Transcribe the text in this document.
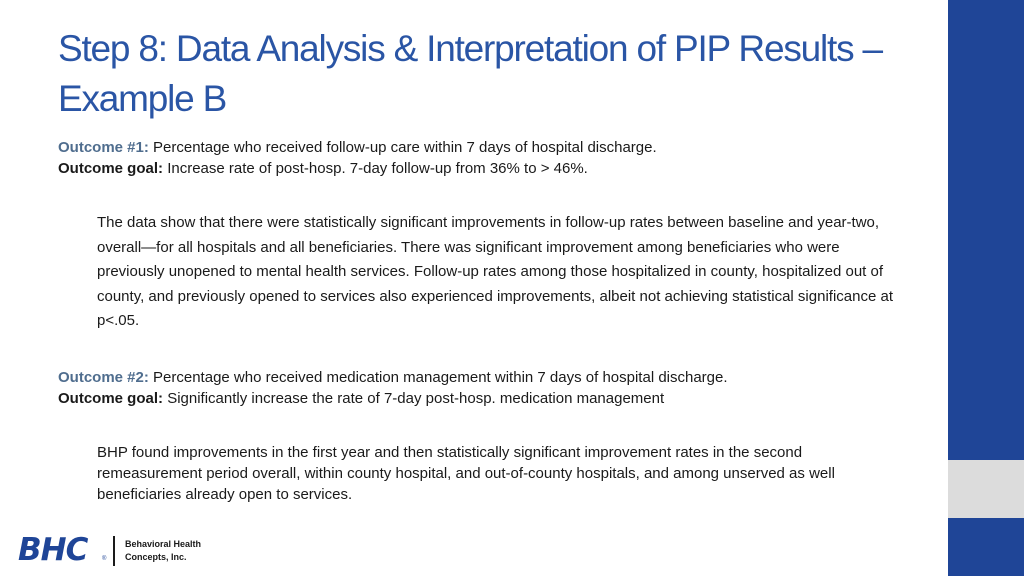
Step 8: Data Analysis & Interpretation of PIP Results – Example B
Outcome #1: Percentage who received follow-up care within 7 days of hospital discharge.
Outcome goal: Increase rate of post-hosp. 7-day follow-up from 36% to > 46%.

The data show that there were statistically significant improvements in follow-up rates between baseline and year-two, overall—for all hospitals and all beneficiaries. There was significant improvement among beneficiaries who were previously unopened to mental health services. Follow-up rates among those hospitalized in county, hospitalized out of county, and previously opened to services also experienced improvements, albeit not achieving statistical significance at p<.05.

Outcome #2: Percentage who received medication management within 7 days of hospital discharge.
Outcome goal: Significantly increase the rate of 7-day post-hosp. medication management

BHP found improvements in the first year and then statistically significant improvement rates in the second remeasurement period overall, within county hospital, and out-of-county hospitals, and among unserved as well beneficiaries already open to services.

BHC ®
Behavioral Health
Concepts, Inc.
